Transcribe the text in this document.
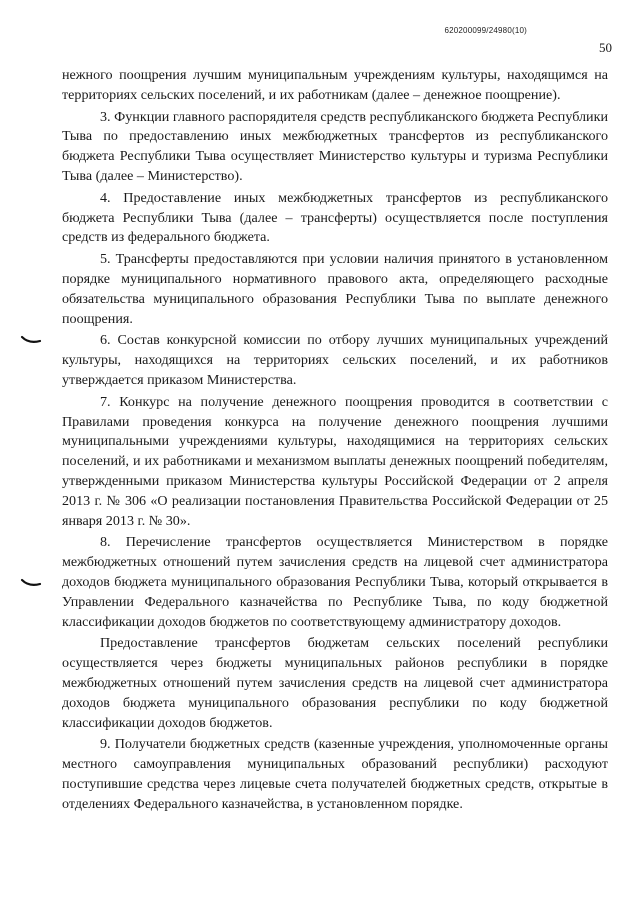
620200099/24980(10)
50

нежного поощрения лучшим муниципальным учреждениям культуры, находящимся на территориях сельских поселений, и их работникам (далее – денежное поощрение).

3. Функции главного распорядителя средств республиканского бюджета Республики Тыва по предоставлению иных межбюджетных трансфертов из республиканского бюджета Республики Тыва осуществляет Министерство культуры и туризма Республики Тыва (далее – Министерство).

4. Предоставление иных межбюджетных трансфертов из республиканского бюджета Республики Тыва (далее – трансферты) осуществляется после поступления средств из федерального бюджета.

5. Трансферты предоставляются при условии наличия принятого в установленном порядке муниципального нормативного правового акта, определяющего расходные обязательства муниципального образования Республики Тыва по выплате денежного поощрения.

6. Состав конкурсной комиссии по отбору лучших муниципальных учреждений культуры, находящихся на территориях сельских поселений, и их работников утверждается приказом Министерства.

7. Конкурс на получение денежного поощрения проводится в соответствии с Правилами проведения конкурса на получение денежного поощрения лучшими муниципальными учреждениями культуры, находящимися на территориях сельских поселений, и их работниками и механизмом выплаты денежных поощрений победителям, утвержденными приказом Министерства культуры Российской Федерации от 2 апреля 2013 г. № 306 «О реализации постановления Правительства Российской Федерации от 25 января 2013 г. № 30».

8. Перечисление трансфертов осуществляется Министерством в порядке межбюджетных отношений путем зачисления средств на лицевой счет администратора доходов бюджета муниципального образования Республики Тыва, который открывается в Управлении Федерального казначейства по Республике Тыва, по коду бюджетной классификации доходов бюджетов по соответствующему администратору доходов.

Предоставление трансфертов бюджетам сельских поселений республики осуществляется через бюджеты муниципальных районов республики в порядке межбюджетных отношений путем зачисления средств на лицевой счет администратора доходов бюджета муниципального образования республики по коду бюджетной классификации доходов бюджетов.

9. Получатели бюджетных средств (казенные учреждения, уполномоченные органы местного самоуправления муниципальных образований республики) расходуют поступившие средства через лицевые счета получателей бюджетных средств, открытые в отделениях Федерального казначейства, в установленном порядке.
